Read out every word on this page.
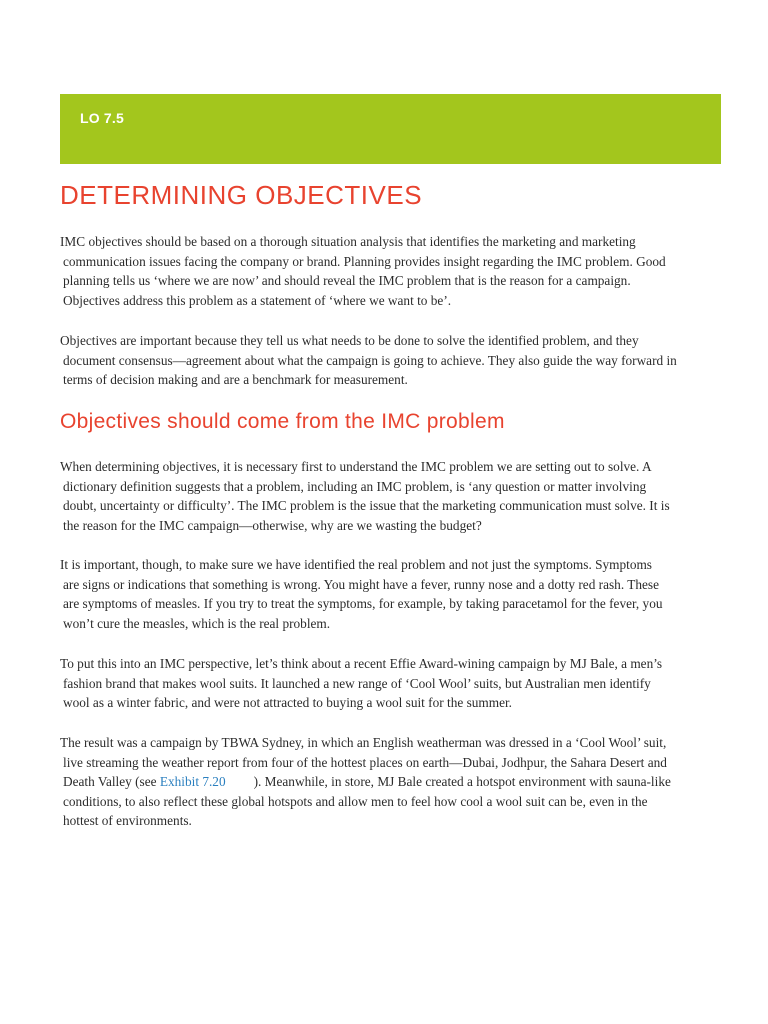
LO 7.5
DETERMINING OBJECTIVES

IMC objectives should be based on a thorough situation analysis that identifies the marketing and marketing
communication issues facing the company or brand. Planning provides insight regarding the IMC problem. Good
planning tells us ‘where we are now’ and should reveal the IMC problem that is the reason for a campaign.
Objectives address this problem as a statement of ‘where we want to be’.

Objectives are important because they tell us what needs to be done to solve the identified problem, and they
document consensus—agreement about what the campaign is going to achieve. They also guide the way forward in
terms of decision making and are a benchmark for measurement.

Objectives should come from the IMC problem

When determining objectives, it is necessary first to understand the IMC problem we are setting out to solve. A
dictionary definition suggests that a problem, including an IMC problem, is ‘any question or matter involving
doubt, uncertainty or difficulty’. The IMC problem is the issue that the marketing communication must solve. It is
the reason for the IMC campaign—otherwise, why are we wasting the budget?

It is important, though, to make sure we have identified the real problem and not just the symptoms. Symptoms
are signs or indications that something is wrong. You might have a fever, runny nose and a dotty red rash. These
are symptoms of measles. If you try to treat the symptoms, for example, by taking paracetamol for the fever, you
won’t cure the measles, which is the real problem.

To put this into an IMC perspective, let’s think about a recent Effie Award-wining campaign by MJ Bale, a men’s
fashion brand that makes wool suits. It launched a new range of ‘Cool Wool’ suits, but Australian men identify
wool as a winter fabric, and were not attracted to buying a wool suit for the summer.

The result was a campaign by TBWA Sydney, in which an English weatherman was dressed in a ‘Cool Wool’ suit,
live streaming the weather report from four of the hottest places on earth—Dubai, Jodhpur, the Sahara Desert and
Death Valley (see Exhibit 7.20 ). Meanwhile, in store, MJ Bale created a hotspot environment with sauna-like
conditions, to also reflect these global hotspots and allow men to feel how cool a wool suit can be, even in the
hottest of environments.
